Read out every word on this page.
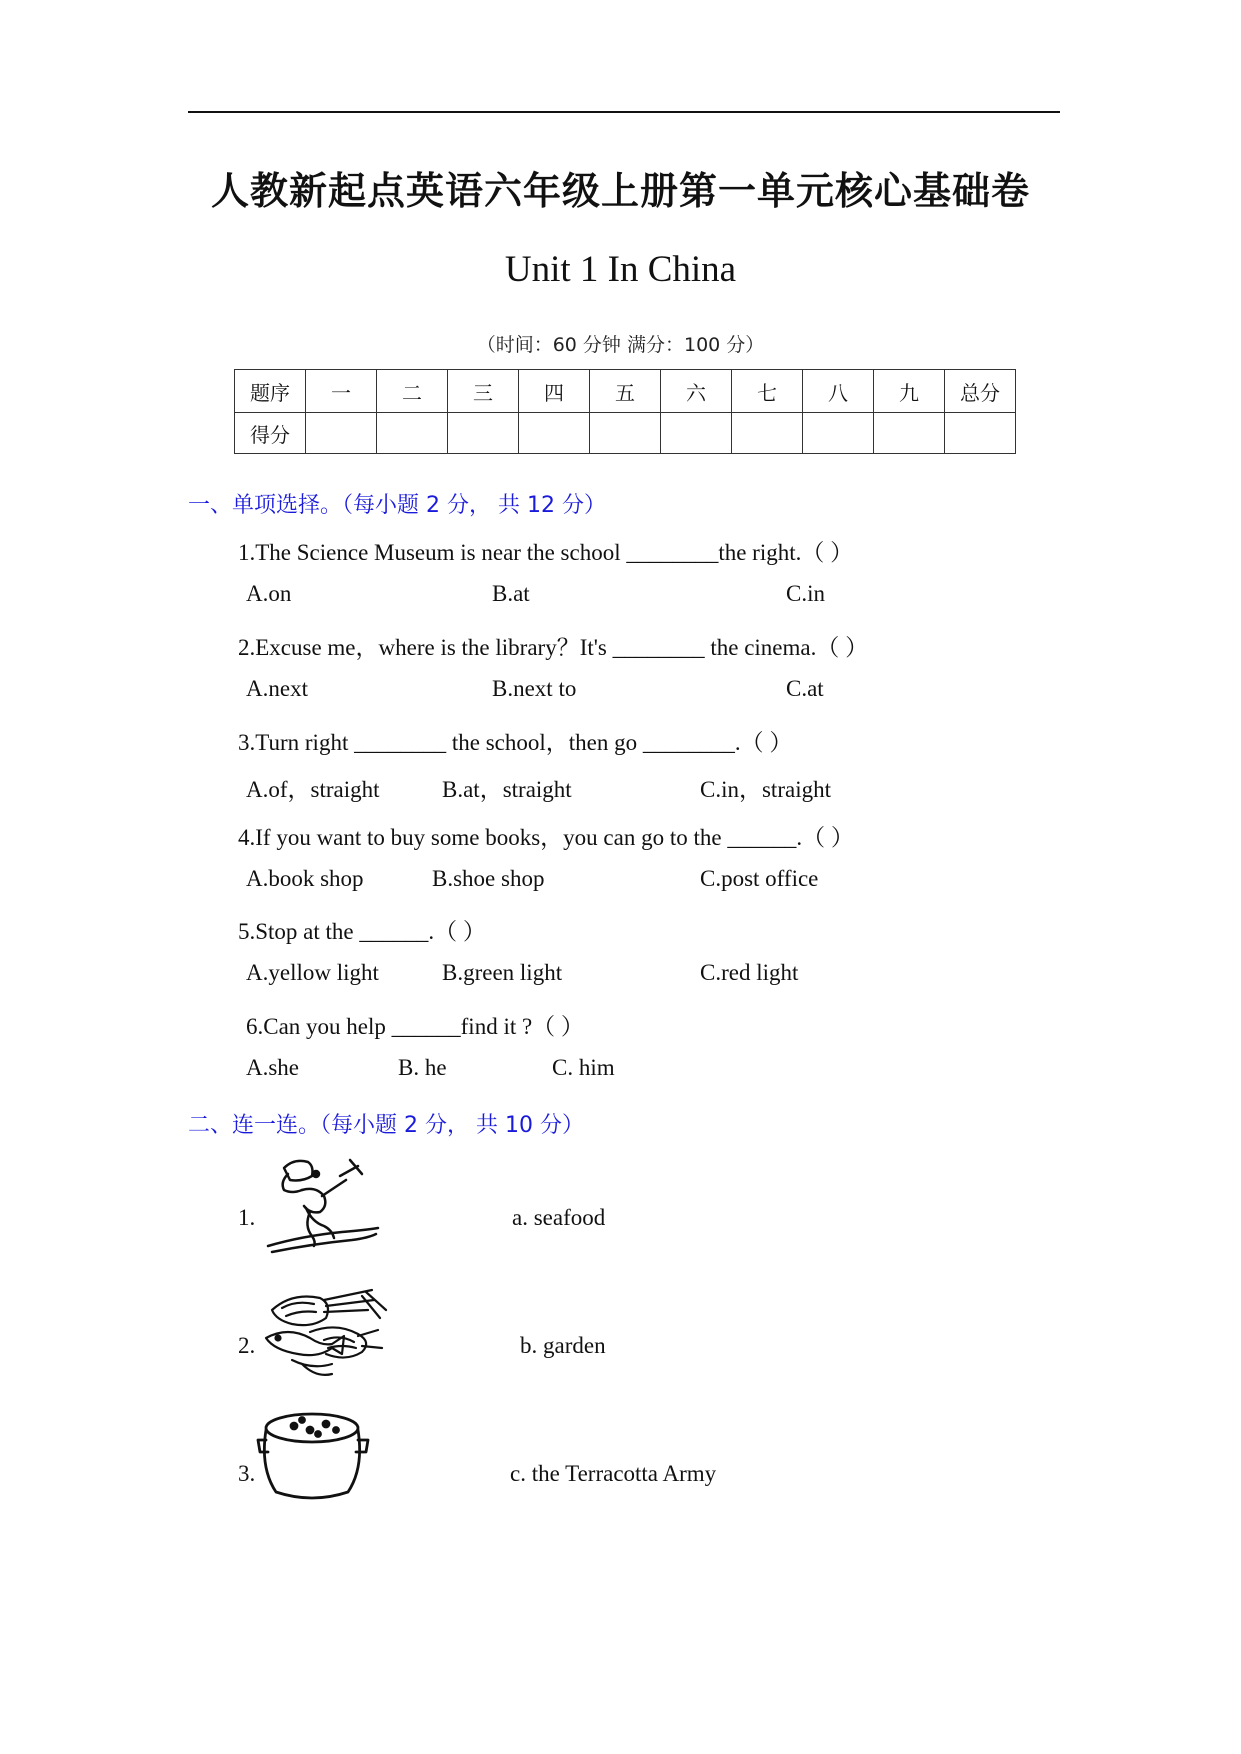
人教新起点英语六年级上册第一单元核心基础卷
Unit 1 In China
（时间：60 分钟 满分：100 分）
题序	一	二	三	四	五	六	七	八	九	总分
得分										
一、单项选择。（每小题 2 分， 共 12 分）
1.The Science Museum is near the school ________the right.（ ）
A.on	B.at	C.in
2.Excuse me，where is the library？It's ________ the cinema.（ ）
A.next	B.next to	C.at
3.Turn right ________ the school，then go ________.（ ）
A.of，straight	B.at，straight	C.in，straight
4.If you want to buy some books，you can go to the ______.（ ）
A.book shop	B.shoe shop	C.post office
5.Stop at the ______.（ ）
A.yellow light	B.green light	C.red light
6.Can you help ______find it ?（ ）
A.she	B. he	C. him
二、连一连。（每小题 2 分， 共 10 分）
1.	a. seafood
2.	b. garden
3.	c. the Terracotta Army
